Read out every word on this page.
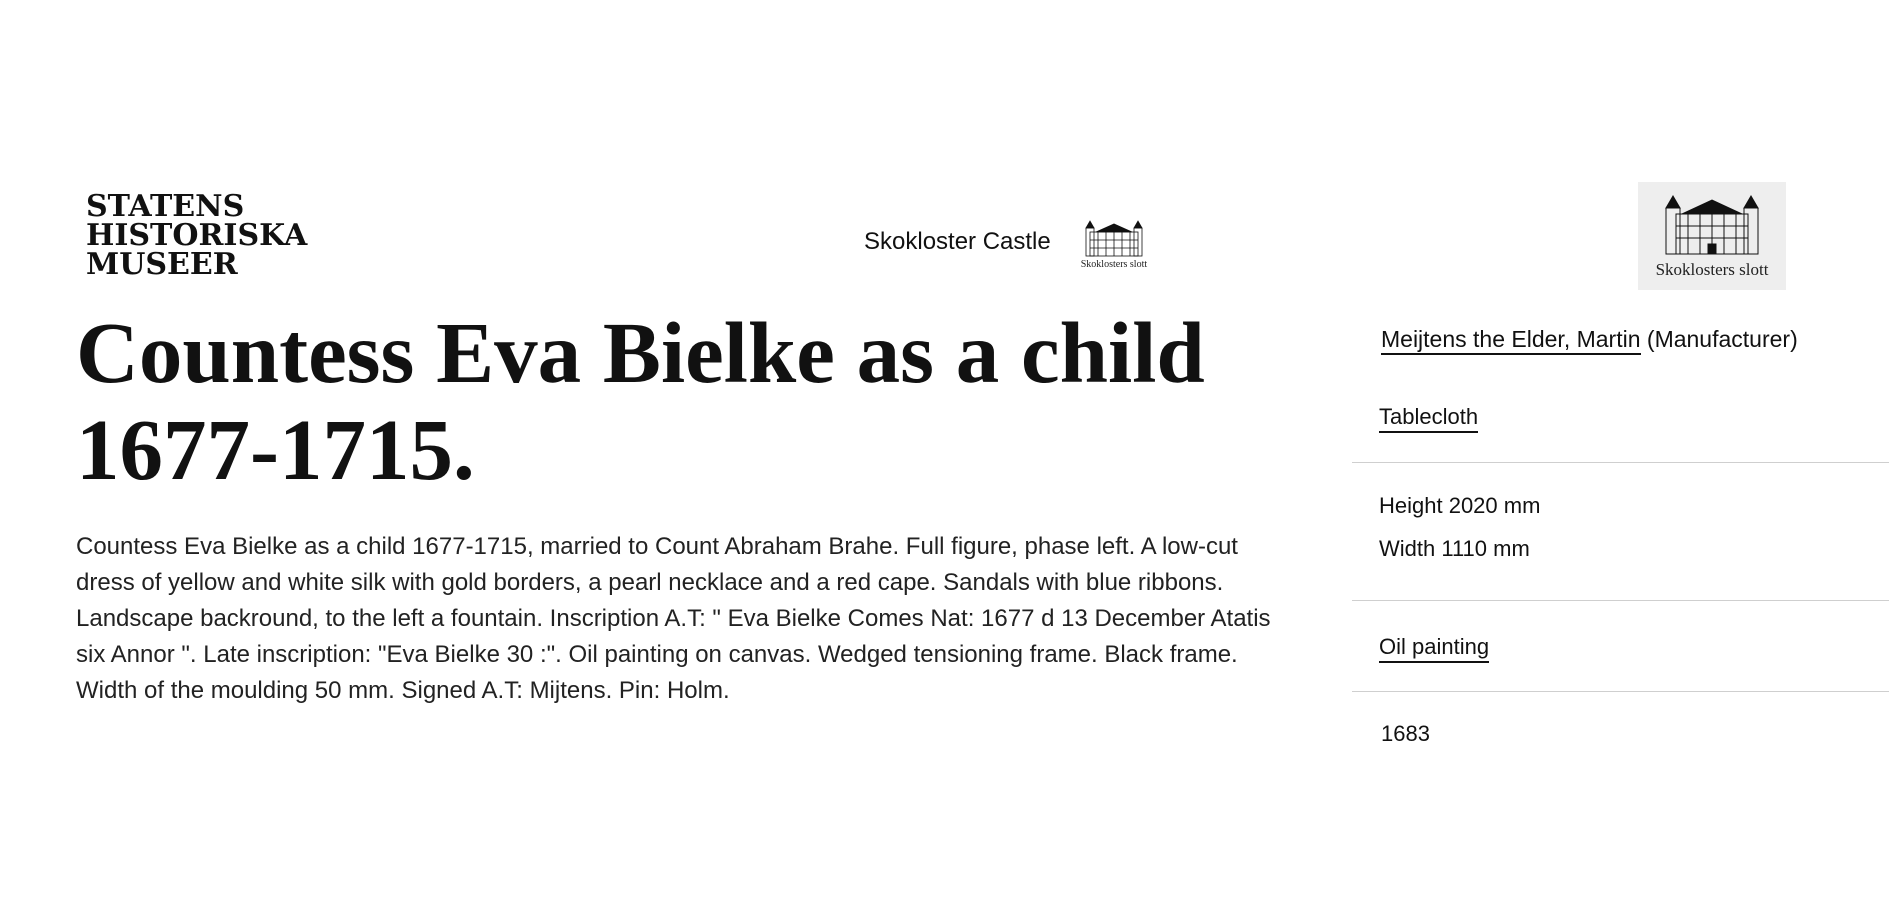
STATENS
HISTORISKA
MUSEER
Skokloster Castle
Skoklosters slott	Skoklosters slott
Countess Eva Bielke as a child 1677-1715.

Countess Eva Bielke as a child 1677-1715, married to Count Abraham Brahe. Full figure, phase left. A low-cut dress of yellow and white silk with gold borders, a pearl necklace and a red cape. Sandals with blue ribbons. Landscape backround, to the left a fountain. Inscription A.T: " Eva Bielke Comes Nat: 1677 d 13 December Atatis six Annor ". Late inscription: "Eva Bielke 30 :". Oil painting on canvas. Wedged tensioning frame. Black frame. Width of the moulding 50 mm. Signed A.T: Mijtens. Pin: Holm.

Meijtens the Elder, Martin (Manufacturer)
Tablecloth
Height 2020 mm
Width 1110 mm
Oil painting
1683
